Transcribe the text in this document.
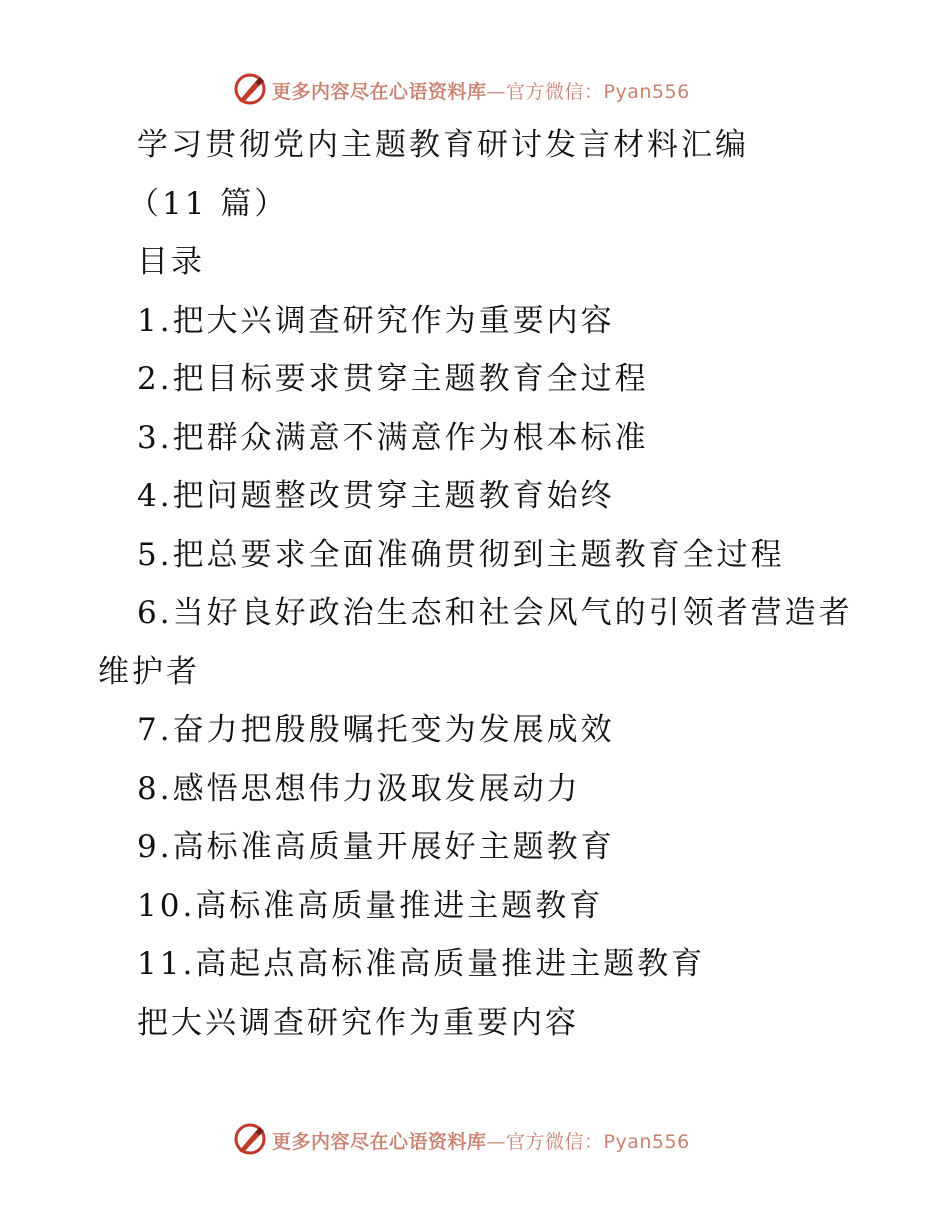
更多内容尽在心语资料库—官方微信：Pyan556
学习贯彻党内主题教育研讨发言材料汇编
（11 篇）
目录
1.把大兴调查研究作为重要内容
2.把目标要求贯穿主题教育全过程
3.把群众满意不满意作为根本标准
4.把问题整改贯穿主题教育始终
5.把总要求全面准确贯彻到主题教育全过程
6.当好良好政治生态和社会风气的引领者营造者
维护者
7.奋力把殷殷嘱托变为发展成效
8.感悟思想伟力汲取发展动力
9.高标准高质量开展好主题教育
10.高标准高质量推进主题教育
11.高起点高标准高质量推进主题教育
把大兴调查研究作为重要内容
更多内容尽在心语资料库—官方微信：Pyan556
